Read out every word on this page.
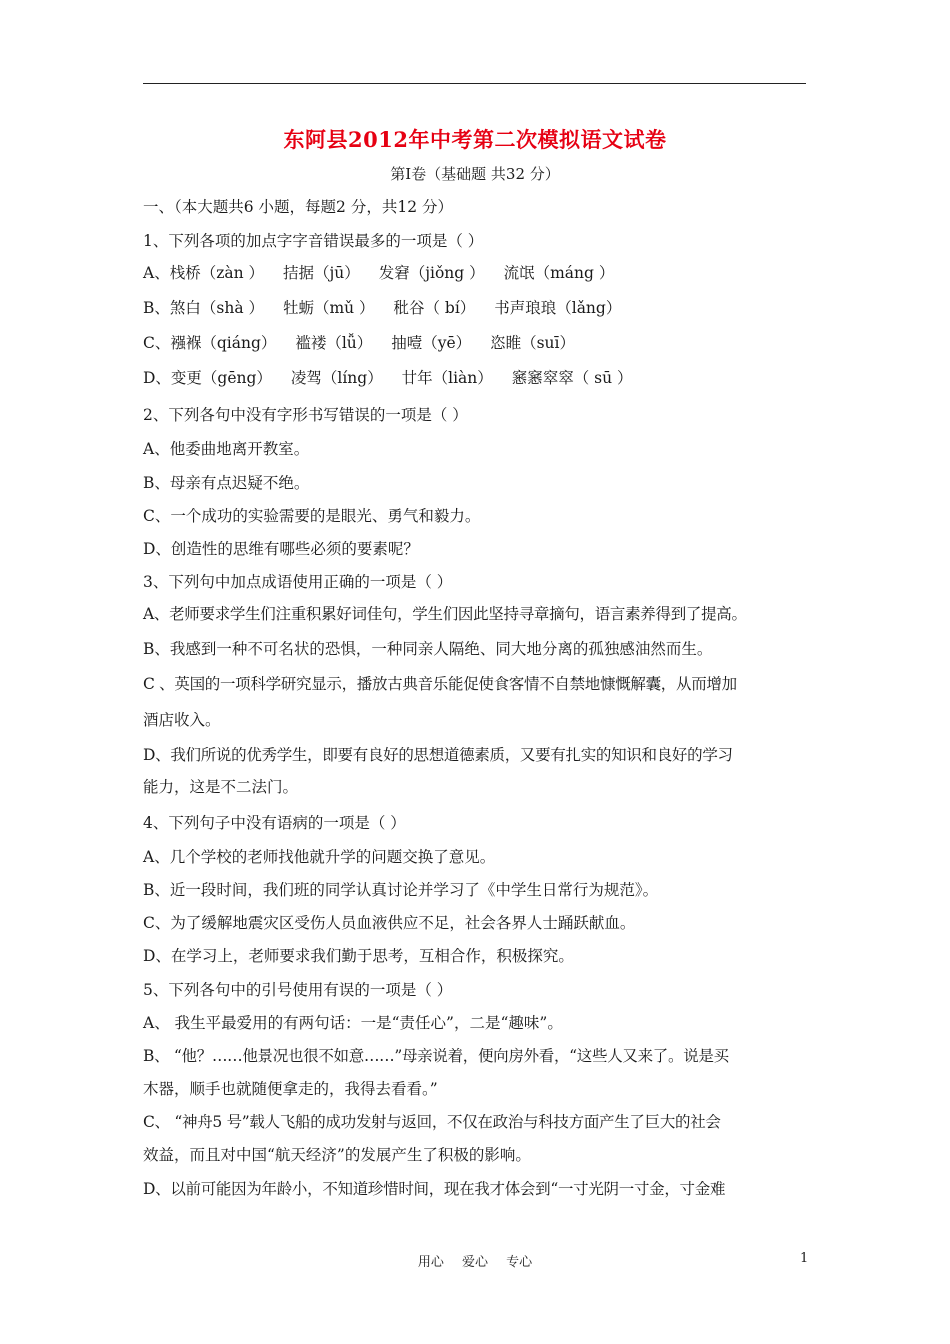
东阿县2012年中考第二次模拟语文试卷
第Ⅰ卷（基础题 共32 分）
一、（本大题共6 小题，每题2 分，共12 分）
1、下列各项的加点字字音错误最多的一项是（ ）
A、栈桥（zàn ） 拮据（jū） 发窘（jiǒng ） 流氓（máng ）
B、煞白（shà ） 牡蛎（mǔ ） 秕谷（ bí） 书声琅琅（lǎng）
C、襁褓（qiáng） 褴褛（lǚ） 抽噎（yē） 恣睢（suī）
D、变更（gēng） 凌驾（líng） 廿年（liàn） 窸窸窣窣（ sū ）
2、下列各句中没有字形书写错误的一项是（ ）
A、他委曲地离开教室。
B、母亲有点迟疑不绝。
C、一个成功的实验需要的是眼光、勇气和毅力。
D、创造性的思维有哪些必须的要素呢？
3、下列句中加点成语使用正确的一项是（ ）
A、老师要求学生们注重积累好词佳句，学生们因此坚持寻章摘句，语言素养得到了提高。
B、我感到一种不可名状的恐惧，一种同亲人隔绝、同大地分离的孤独感油然而生。
C 、英国的一项科学研究显示，播放古典音乐能促使食客情不自禁地慷慨解囊，从而增加
酒店收入。
D、我们所说的优秀学生，即要有良好的思想道德素质，又要有扎实的知识和良好的学习
能力，这是不二法门。
4、下列句子中没有语病的一项是（ ）
A、几个学校的老师找他就升学的问题交换了意见。
B、近一段时间，我们班的同学认真讨论并学习了《中学生日常行为规范》。
C、为了缓解地震灾区受伤人员血液供应不足，社会各界人士踊跃献血。
D、在学习上，老师要求我们勤于思考，互相合作，积极探究。
5、下列各句中的引号使用有误的一项是（ ）
A、 我生平最爱用的有两句话：一是“责任心”，二是“趣味”。
B、 “他？……他景况也很不如意……”母亲说着，便向房外看，“这些人又来了。说是买
木器，顺手也就随便拿走的，我得去看看。”
C、 “神舟5 号”载人飞船的成功发射与返回，不仅在政治与科技方面产生了巨大的社会
效益，而且对中国“航天经济”的发展产生了积极的影响。
D、以前可能因为年龄小，不知道珍惜时间，现在我才体会到“一寸光阴一寸金，寸金难
用心 爱心 专心	1
